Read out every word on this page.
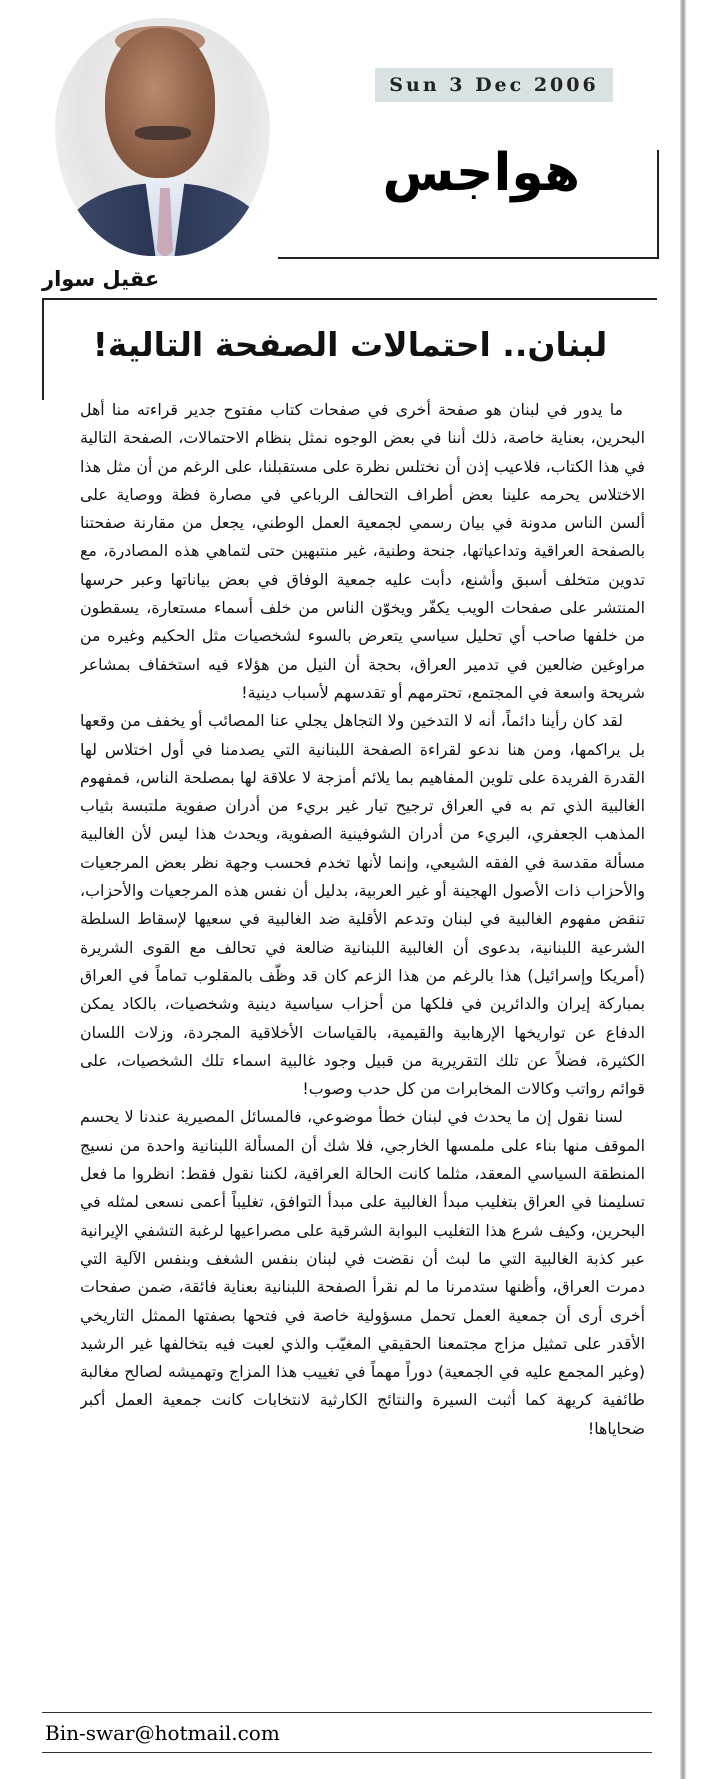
Sun 3 Dec 2006
هواجس
عقيل سوار
لبنان.. احتمالات الصفحة التالية!

ما يدور في لبنان هو صفحة أخرى في صفحات كتاب مفتوح جدير قراءته منا أهل البحرين، بعناية خاصة، ذلك أننا في بعض الوجوه نمثل بنظام الاحتمالات، الصفحة التالية في هذا الكتاب، فلاعيب إذن أن نختلس نظرة على مستقبلنا، على الرغم من أن مثل هذا الاختلاس يحرمه علينا بعض أطراف التحالف الرباعي في مصارة فظة ووصاية على ألسن الناس مدونة في بيان رسمي لجمعية العمل الوطني، يجعل من مقارنة صفحتنا بالصفحة العراقية وتداعياتها، جنحة وطنية، غير منتبهين حتى لتماهي هذه المصادرة، مع تدوين متخلف أسبق وأشنع، دأبت عليه جمعية الوفاق في بعض بياناتها وعبر حرسها المنتشر على صفحات الويب يكفّر ويخوّن الناس من خلف أسماء مستعارة، يسقطون من خلفها صاحب أي تحليل سياسي يتعرض بالسوء لشخصيات مثل الحكيم وغيره من مراوغين ضالعين في تدمير العراق، بحجة أن النيل من هؤلاء فيه استخفاف بمشاعر شريحة واسعة في المجتمع، تحترمهم أو تقدسهم لأسباب دينية!

لقد كان رأينا دائماً، أنه لا التدخين ولا التجاهل يجلي عنا المصائب أو يخفف من وقعها بل يراكمها، ومن هنا ندعو لقراءة الصفحة اللبنانية التي يصدمنا في أول اختلاس لها القدرة الفريدة على تلوين المفاهيم بما يلائم أمزجة لا علاقة لها بمصلحة الناس، فمفهوم الغالبية الذي تم به في العراق ترجيح تيار غير بريء من أدران صفوية ملتبسة بثياب المذهب الجعفري، البريء من أدران الشوفينية الصفوية، ويحدث هذا ليس لأن الغالبية مسألة مقدسة في الفقه الشيعي، وإنما لأنها تخدم فحسب وجهة نظر بعض المرجعيات والأحزاب ذات الأصول الهجينة أو غير العربية، بدليل أن نفس هذه المرجعيات والأحزاب، تنقض مفهوم الغالبية في لبنان وتدعم الأقلية ضد الغالبية في سعيها لإسقاط السلطة الشرعية اللبنانية، بدعوى أن الغالبية اللبنانية ضالعة في تحالف مع القوى الشريرة (أمريكا وإسرائيل) هذا بالرغم من هذا الزعم كان قد وظّف بالمقلوب تماماً في العراق بمباركة إيران والدائرين في فلكها من أحزاب سياسية دينية وشخصيات، بالكاد يمكن الدفاع عن تواريخها الإرهابية والقيمية، بالقياسات الأخلاقية المجردة، وزلات اللسان الكثيرة، فضلاً عن تلك التقريرية من قبيل وجود غالبية اسماء تلك الشخصيات، على قوائم رواتب وكالات المخابرات من كل حدب وصوب!

لسنا نقول إن ما يحدث في لبنان خطأ موضوعي، فالمسائل المصيرية عندنا لا يحسم الموقف منها بناء على ملمسها الخارجي، فلا شك أن المسألة اللبنانية واحدة من نسيج المنطقة السياسي المعقد، مثلما كانت الحالة العراقية، لكننا نقول فقط: انظروا ما فعل تسليمنا في العراق بتغليب مبدأ الغالبية على مبدأ التوافق، تغليباً أعمى نسعى لمثله في البحرين، وكيف شرع هذا التغليب البوابة الشرقية على مصراعيها لرغبة التشفي الإيرانية عبر كذبة الغالبية التي ما لبث أن نقضت في لبنان بنفس الشغف وبنفس الآلية التي دمرت العراق، وأظنها ستدمرنا ما لم نقرأ الصفحة اللبنانية بعناية فائقة، ضمن صفحات أخرى أرى أن جمعية العمل تحمل مسؤولية خاصة في فتحها بصفتها الممثل التاريخي الأقدر على تمثيل مزاج مجتمعنا الحقيقي المغيّب والذي لعبت فيه بتخالفها غير الرشيد (وغير المجمع عليه في الجمعية) دوراً مهماً في تغييب هذا المزاج وتهميشه لصالح مغالبة طائفية كريهة كما أثبت السيرة والنتائج الكارثية لانتخابات كانت جمعية العمل أكبر ضحاياها!

Bin-swar@hotmail.com
